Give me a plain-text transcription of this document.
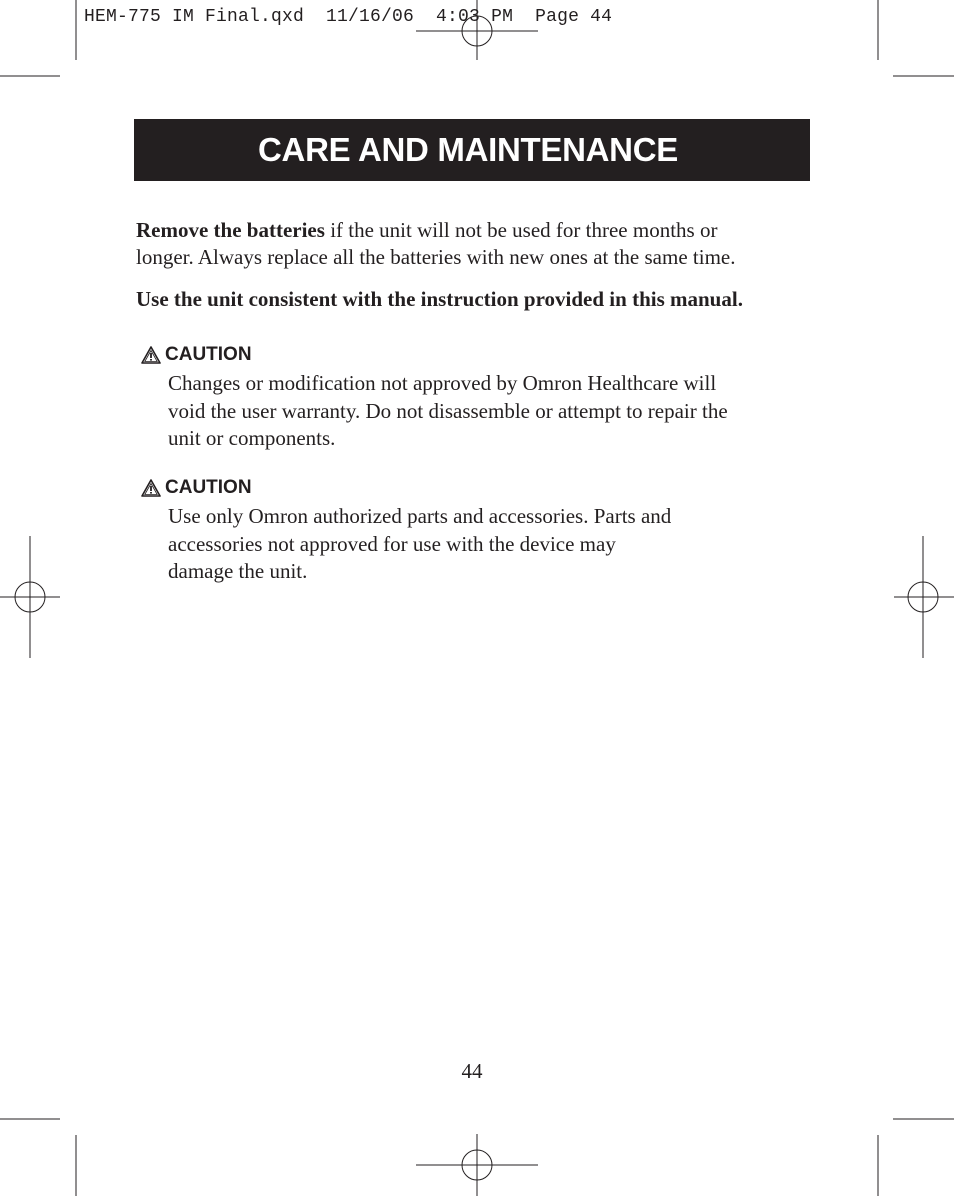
HEM-775 IM Final.qxd  11/16/06  4:03 PM  Page 44
CARE AND MAINTENANCE
Remove the batteries if the unit will not be used for three months or
longer. Always replace all the batteries with new ones at the same time.
Use the unit consistent with the instruction provided in this manual.
CAUTION
Changes or modification not approved by Omron Healthcare will
void the user warranty. Do not disassemble or attempt to repair the
unit or components.
CAUTION
Use only Omron authorized parts and accessories. Parts and
accessories not approved for use with the device may
damage the unit.
44
